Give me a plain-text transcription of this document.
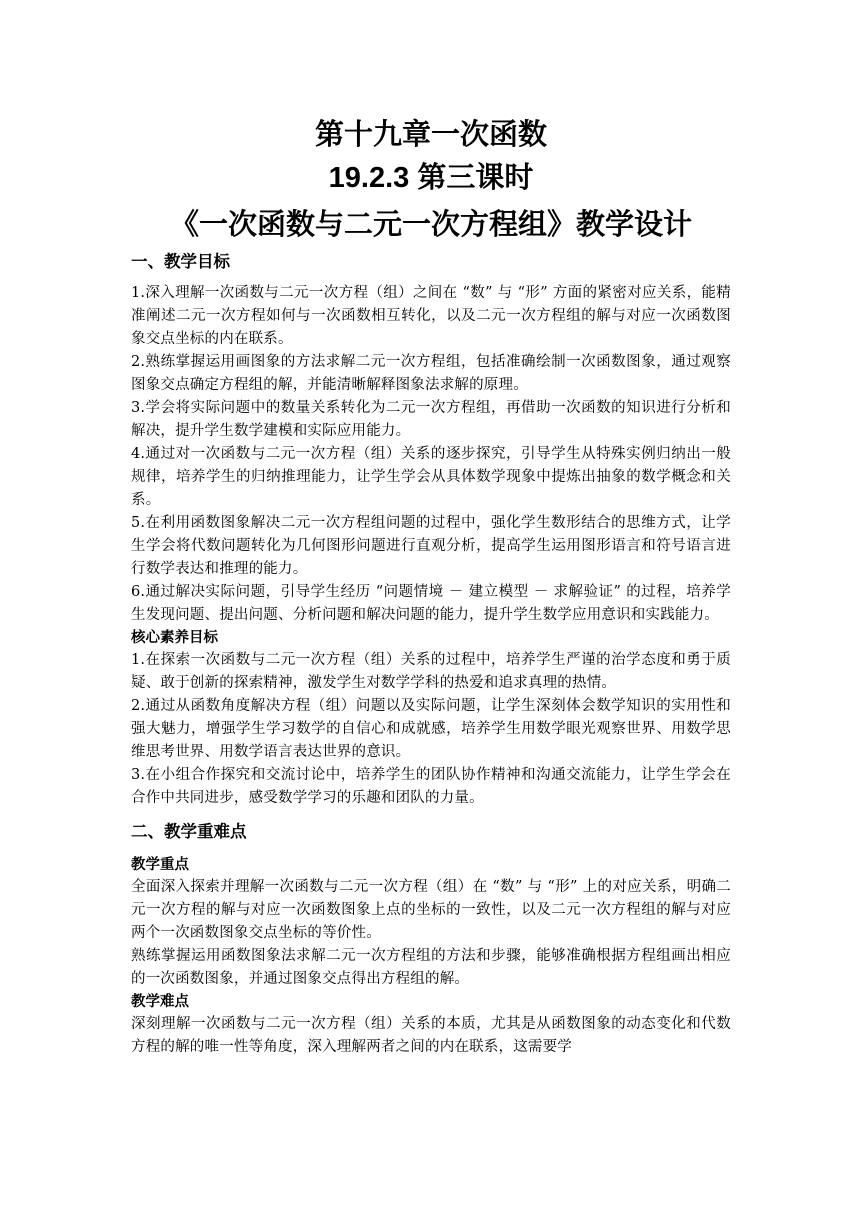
第十九章一次函数

19.2.3 第三课时

《一次函数与二元一次方程组》教学设计

一、教学目标

1.深入理解一次函数与二元一次方程（组）之间在 “数” 与 “形” 方面的紧密对应关系，能精准阐述二元一次方程如何与一次函数相互转化，以及二元一次方程组的解与对应一次函数图象交点坐标的内在联系。

2.熟练掌握运用画图象的方法求解二元一次方程组，包括准确绘制一次函数图象，通过观察图象交点确定方程组的解，并能清晰解释图象法求解的原理。

3.学会将实际问题中的数量关系转化为二元一次方程组，再借助一次函数的知识进行分析和解决，提升学生数学建模和实际应用能力。

4.通过对一次函数与二元一次方程（组）关系的逐步探究，引导学生从特殊实例归纳出一般规律，培养学生的归纳推理能力，让学生学会从具体数学现象中提炼出抽象的数学概念和关系。

5.在利用函数图象解决二元一次方程组问题的过程中，强化学生数形结合的思维方式，让学生学会将代数问题转化为几何图形问题进行直观分析，提高学生运用图形语言和符号语言进行数学表达和推理的能力。

6.通过解决实际问题，引导学生经历 “问题情境 － 建立模型 － 求解验证” 的过程，培养学生发现问题、提出问题、分析问题和解决问题的能力，提升学生数学应用意识和实践能力。

核心素养目标

1.在探索一次函数与二元一次方程（组）关系的过程中，培养学生严谨的治学态度和勇于质疑、敢于创新的探索精神，激发学生对数学学科的热爱和追求真理的热情。

2.通过从函数角度解决方程（组）问题以及实际问题，让学生深刻体会数学知识的实用性和强大魅力，增强学生学习数学的自信心和成就感，培养学生用数学眼光观察世界、用数学思维思考世界、用数学语言表达世界的意识。

3.在小组合作探究和交流讨论中，培养学生的团队协作精神和沟通交流能力，让学生学会在合作中共同进步，感受数学学习的乐趣和团队的力量。

二、教学重难点

教学重点

全面深入探索并理解一次函数与二元一次方程（组）在 “数” 与 “形” 上的对应关系，明确二元一次方程的解与对应一次函数图象上点的坐标的一致性，以及二元一次方程组的解与对应两个一次函数图象交点坐标的等价性。

熟练掌握运用函数图象法求解二元一次方程组的方法和步骤，能够准确根据方程组画出相应的一次函数图象，并通过图象交点得出方程组的解。

教学难点

深刻理解一次函数与二元一次方程（组）关系的本质，尤其是从函数图象的动态变化和代数方程的解的唯一性等角度，深入理解两者之间的内在联系，这需要学
